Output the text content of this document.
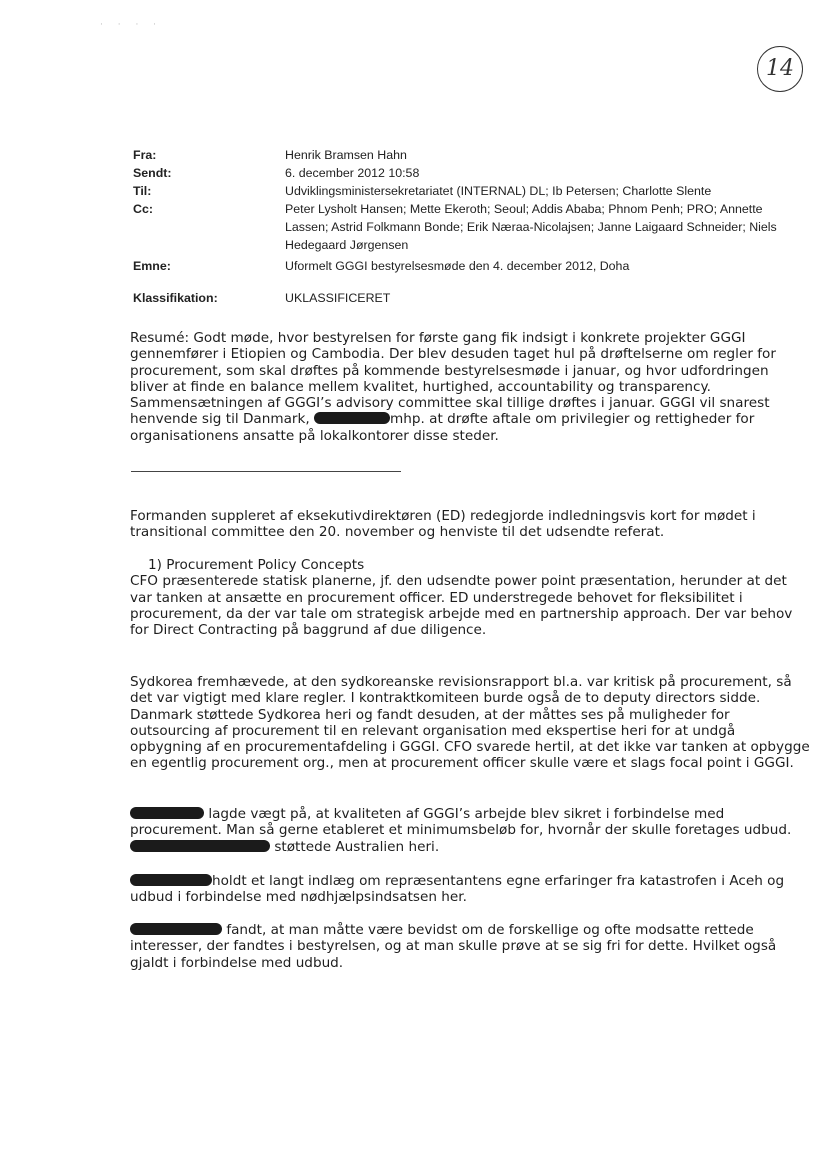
· · · ·
14
Fra:	Henrik Bramsen Hahn
Sendt:	6. december 2012 10:58
Til:	Udviklingsministersekretariatet (INTERNAL) DL; Ib Petersen; Charlotte Slente
Cc:	Peter Lysholt Hansen; Mette Ekeroth; Seoul; Addis Ababa; Phnom Penh; PRO; Annette Lassen; Astrid Folkmann Bonde; Erik Næraa-Nicolajsen; Janne Laigaard Schneider; Niels Hedegaard Jørgensen
Emne:	Uformelt GGGI bestyrelsesmøde den 4. december 2012, Doha
Klassifikation:	UKLASSIFICERET

Resumé: Godt møde, hvor bestyrelsen for første gang fik indsigt i konkrete projekter GGGI gennemfører i Etiopien og Cambodia. Der blev desuden taget hul på drøftelserne om regler for procurement, som skal drøftes på kommende bestyrelsesmøde i januar, og hvor udfordringen bliver at finde en balance mellem kvalitet, hurtighed, accountability og transparency. Sammensætningen af GGGI’s advisory committee skal tillige drøftes i januar. GGGI vil snarest henvende sig til Danmark,	mhp. at drøfte aftale om privilegier og rettigheder for organisationens ansatte på lokalkontorer disse steder.

Formanden suppleret af eksekutivdirektøren (ED) redegjorde indledningsvis kort for mødet i transitional committee den 20. november og henviste til det udsendte referat.

1) Procurement Policy Concepts

CFO præsenterede statisk planerne, jf. den udsendte power point præsentation, herunder at det var tanken at ansætte en procurement officer. ED understregede behovet for fleksibilitet i procurement, da der var tale om strategisk arbejde med en partnership approach. Der var behov for Direct Contracting på baggrund af due diligence.

Sydkorea fremhævede, at den sydkoreanske revisionsrapport bl.a. var kritisk på procurement, så det var vigtigt med klare regler. I kontraktkomiteen burde også de to deputy directors sidde. Danmark støttede Sydkorea heri og fandt desuden, at der måttes ses på muligheder for outsourcing af procurement til en relevant organisation med ekspertise heri for at undgå opbygning af en procurementafdeling i GGGI. CFO svarede hertil, at det ikke var tanken at opbygge en egentlig procurement org., men at procurement officer skulle være et slags focal point i GGGI.

lagde vægt på, at kvaliteten af GGGI’s arbejde blev sikret i forbindelse med procurement. Man så gerne etableret et minimumsbeløb for, hvornår der skulle foretages udbud.
støttede Australien heri.

holdt et langt indlæg om repræsentantens egne erfaringer fra katastrofen i Aceh og udbud i forbindelse med nødhjælpsindsatsen her.

fandt, at man måtte være bevidst om de forskellige og ofte modsatte rettede interesser, der fandtes i bestyrelsen, og at man skulle prøve at se sig fri for dette. Hvilket også gjaldt i forbindelse med udbud.
